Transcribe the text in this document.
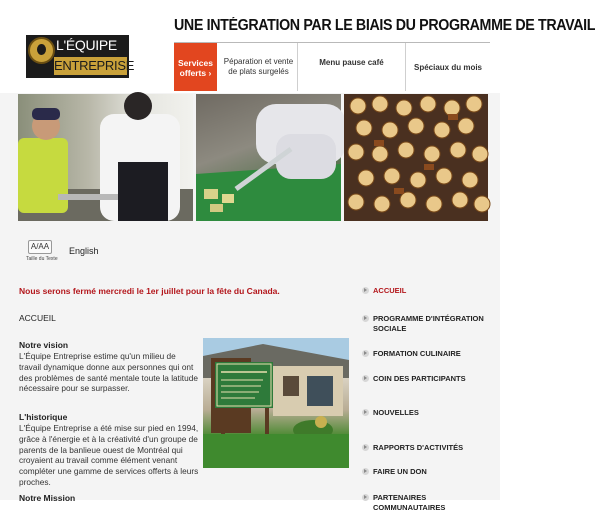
L'ÉQUIPE
ENTREPRISE
UNE INTÉGRATION PAR LE BIAIS DU PROGRAMME DE TRAVAIL
Services offerts ›
Péparation et vente de plats surgelés
Menu pause café
Spéciaux du mois
A/AA
Taille du Texte
English
Nous serons fermé mercredi le 1er juillet pour la fête du Canada.
ACCUEIL
Notre vision
L'Équipe Entreprise estime qu'un milieu de travail dynamique donne aux personnes qui ont des problèmes de santé mentale toute la latitude nécessaire pour se surpasser.
L'historique
L'Équipe Entreprise a été mise sur pied en 1994, grâce à l'énergie et à la créativité d'un groupe de parents de la banlieue ouest de Montréal qui croyaient au travail comme élément venant compléter une gamme de services offerts à leurs proches.
Notre Mission
ACCUEIL
PROGRAMME D'INTÉGRATION SOCIALE
FORMATION CULINAIRE
COIN DES PARTICIPANTS
NOUVELLES
RAPPORTS D'ACTIVITÉS
FAIRE UN DON
PARTENAIRES COMMUNAUTAIRES
